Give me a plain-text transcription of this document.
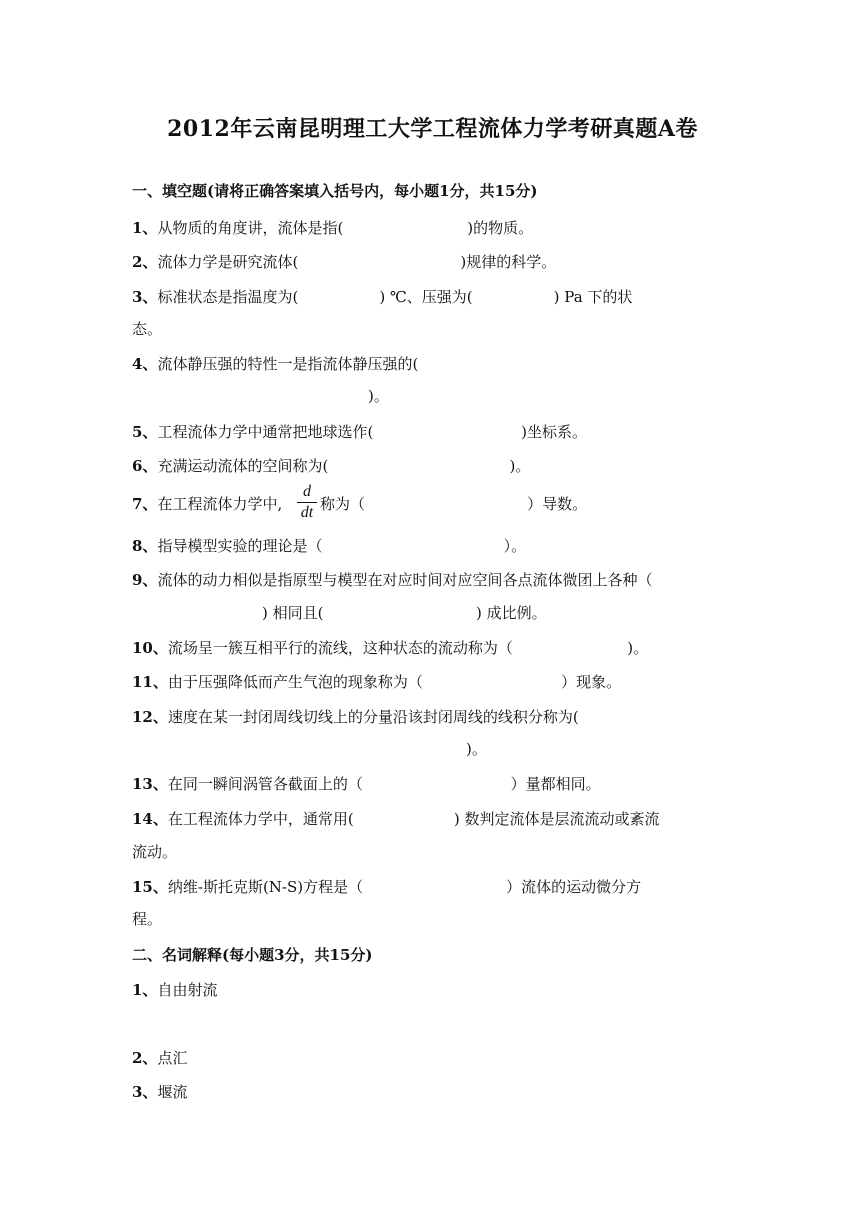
2012年云南昆明理工大学工程流体力学考研真题A卷
一、填空题(请将正确答案填入括号内，每小题1分，共15分)
1、从物质的角度讲，流体是指(                          )的物质。
2、流体力学是研究流体(                                  )规律的科学。
3、标准状态是指温度为(                 ) ℃、压强为(                 ) Pa 下的状
态。
4、流体静压强的特性一是指流体静压强的(
)。
5、工程流体力学中通常把地球选作(                               )坐标系。
6、充满运动流体的空间称为(                                      )。
7、在工程流体力学中,
d
dt 称为（                                  ）导数。
8、指导模型实验的理论是（                                      ）。
9、流体的动力相似是指原型与模型在对应时间对应空间各点流体微团上各种（
) 相同且(                                ) 成比例。
10、流场呈一簇互相平行的流线，这种状态的流动称为（                        )。
11、由于压强降低而产生气泡的现象称为（                             ）现象。
12、速度在某一封闭周线切线上的分量沿该封闭周线的线积分称为(
)。
13、在同一瞬间涡管各截面上的（                               ）量都相同。
14、在工程流体力学中，通常用(                     ) 数判定流体是层流流动或紊流
流动。
15、纳维-斯托克斯(N-S)方程是（                              ）流体的运动微分方
程。
二、名词解释(每小题3分，共15分)
1、自由射流
2、点汇
3、堰流
